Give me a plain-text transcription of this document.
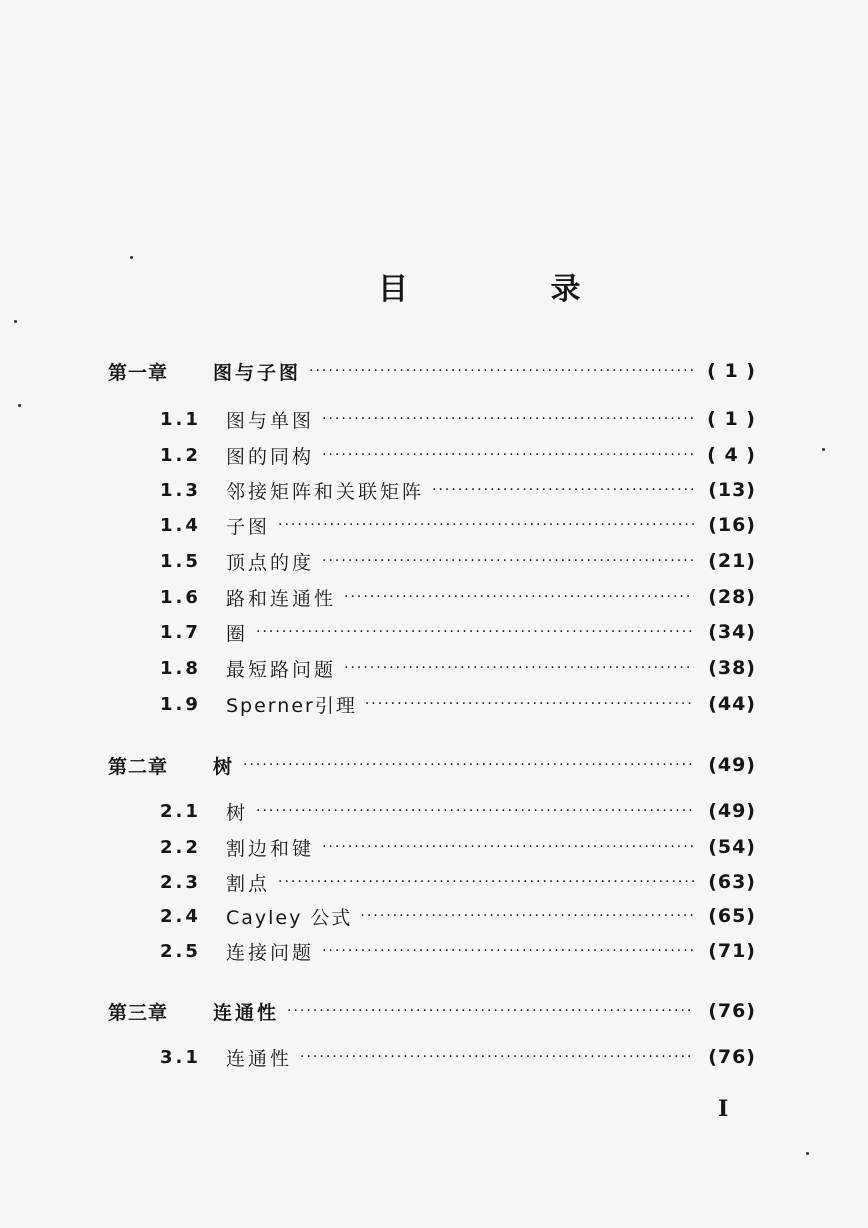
目 录
第一章	图与子图 ·····	( 1 )
1.1	图与单图 ·····	( 1 )
1.2	图的同构 ·····	( 4 )
1.3	邻接矩阵和关联矩阵 ·····	(13)
1.4	子图 ·····	(16)
1.5	顶点的度 ·····	(21)
1.6	路和连通性 ·····	(28)
1.7	圈 ·····	(34)
1.8	最短路问题 ·····	(38)
1.9	Sperner引理 ·····	(44)
第二章	树 ·····	(49)
2.1	树 ·····	(49)
2.2	割边和键 ·····	(54)
2.3	割点 ·····	(63)
2.4	Cayley 公式 ·····	(65)
2.5	连接问题 ·····	(71)
第三章	连通性 ·····	(76)
3.1	连通性 ·····	(76)
I
